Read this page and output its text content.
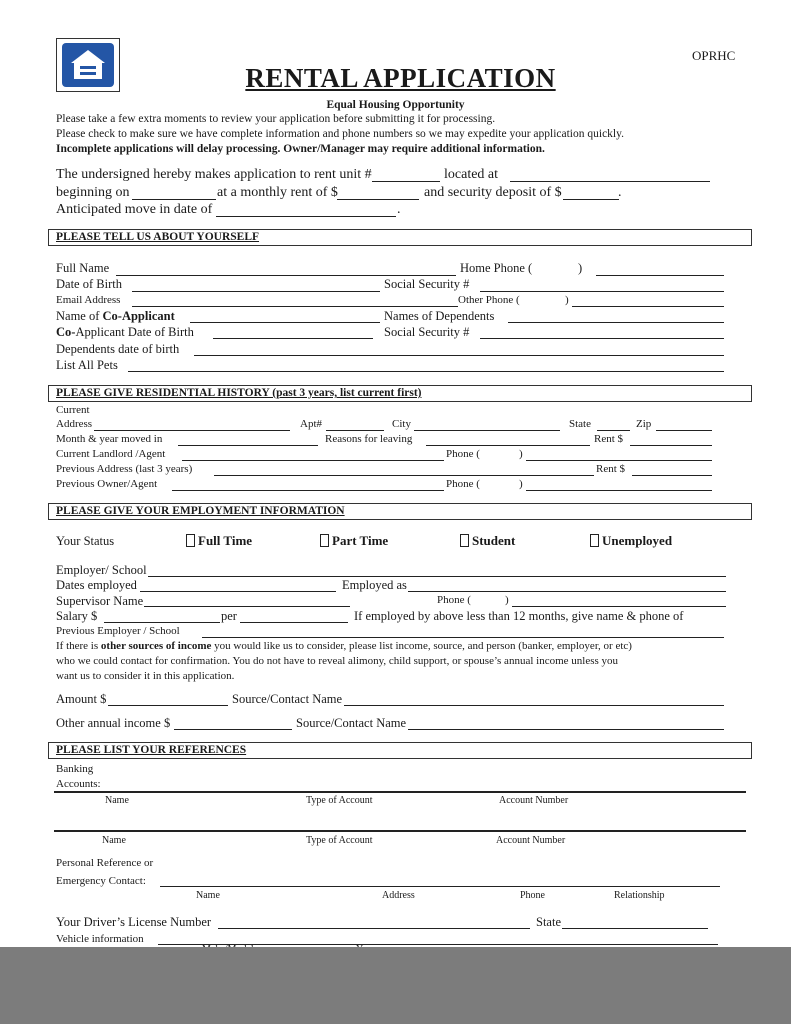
OPRHC
RENTAL APPLICATION
Equal Housing Opportunity
Please take a few extra moments to review your application before submitting it for processing.
Please check to make sure we have complete information and phone numbers so we may expedite your application quickly.
Incomplete applications will delay processing. Owner/Manager may require additional information.
The undersigned hereby makes application to rent unit #	located at
beginning on	at a monthly rent of $	and security deposit of $	.
Anticipated move in date of	.
PLEASE TELL US ABOUT YOURSELF
Full Name	Home Phone (	)
Date of Birth	Social Security #
Email Address	Other Phone (	)
Name of Co-Applicant	Names of Dependents
Co-Applicant Date of Birth	Social Security #
Dependents date of birth
List All Pets
PLEASE GIVE RESIDENTIAL HISTORY (past 3 years, list current first)
Current
Address	Apt#	City	State	Zip
Month & year moved in	Reasons for leaving	Rent $
Current Landlord /Agent	Phone (	)
Previous Address (last 3 years)	Rent $
Previous Owner/Agent	Phone (	)
PLEASE GIVE YOUR EMPLOYMENT INFORMATION
Your Status	Full Time	Part Time	Student	Unemployed
Employer/ School
Dates employed	Employed as
Supervisor Name	Phone (	)
Salary $	per	If employed by above less than 12 months, give name & phone of
Previous Employer / School
If there is other sources of income you would like us to consider, please list income, source, and person (banker, employer, or etc)
who we could contact for confirmation. You do not have to reveal alimony, child support, or spouse’s annual income unless you
want us to consider it in this application.
Amount $	Source/Contact Name
Other annual income $	Source/Contact Name
PLEASE LIST YOUR REFERENCES
Banking
Accounts:
Name	Type of Account	Account Number
Name	Type of Account	Account Number
Personal Reference or
Emergency Contact:
Name	Address	Phone	Relationship
Your Driver’s License Number	State
Vehicle information
